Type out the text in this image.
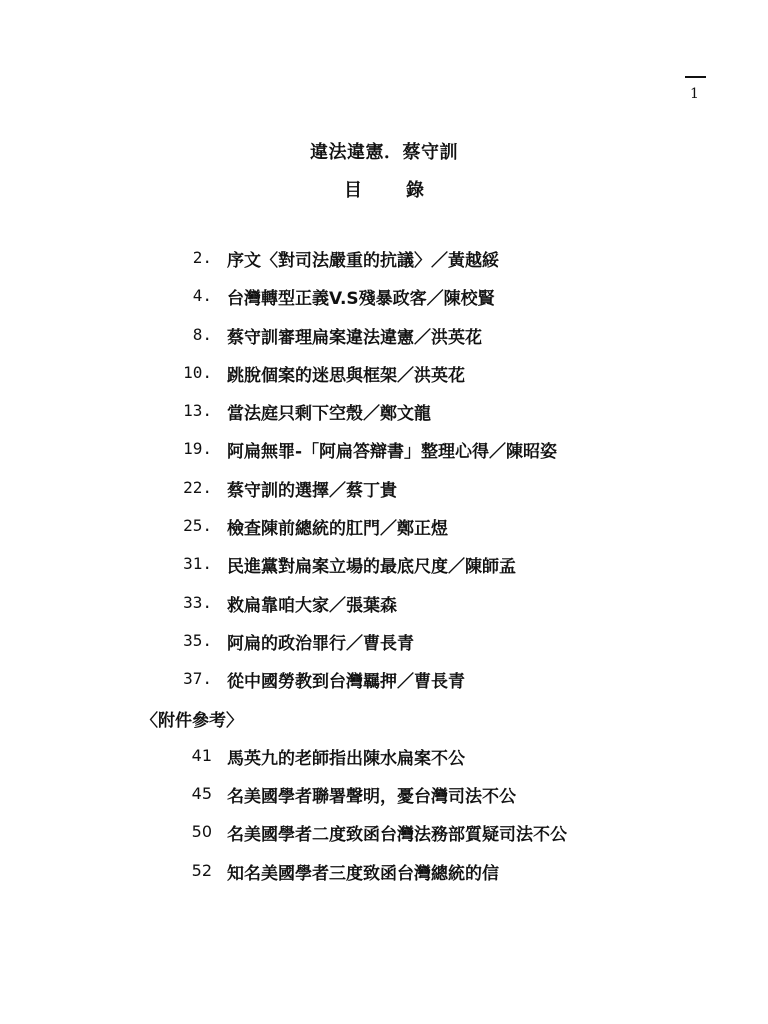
1
違法違憲．蔡守訓
目 錄
2. 序文〈對司法嚴重的抗議〉／黃越綏
4. 台灣轉型正義V.S殘暴政客／陳校賢
8. 蔡守訓審理扁案違法違憲／洪英花
10. 跳脫個案的迷思與框架／洪英花
13. 當法庭只剩下空殼／鄭文龍
19. 阿扁無罪-「阿扁答辯書」整理心得／陳昭姿
22. 蔡守訓的選擇／蔡丁貴
25. 檢查陳前總統的肛門／鄭正煜
31. 民進黨對扁案立場的最底尺度／陳師孟
33. 救扁靠咱大家／張葉森
35. 阿扁的政治罪行／曹長青
37. 從中國勞教到台灣羈押／曹長青
〈附件參考〉
41 馬英九的老師指出陳水扁案不公
45 名美國學者聯署聲明，憂台灣司法不公
50 名美國學者二度致函台灣法務部質疑司法不公
52 知名美國學者三度致函台灣總統的信
